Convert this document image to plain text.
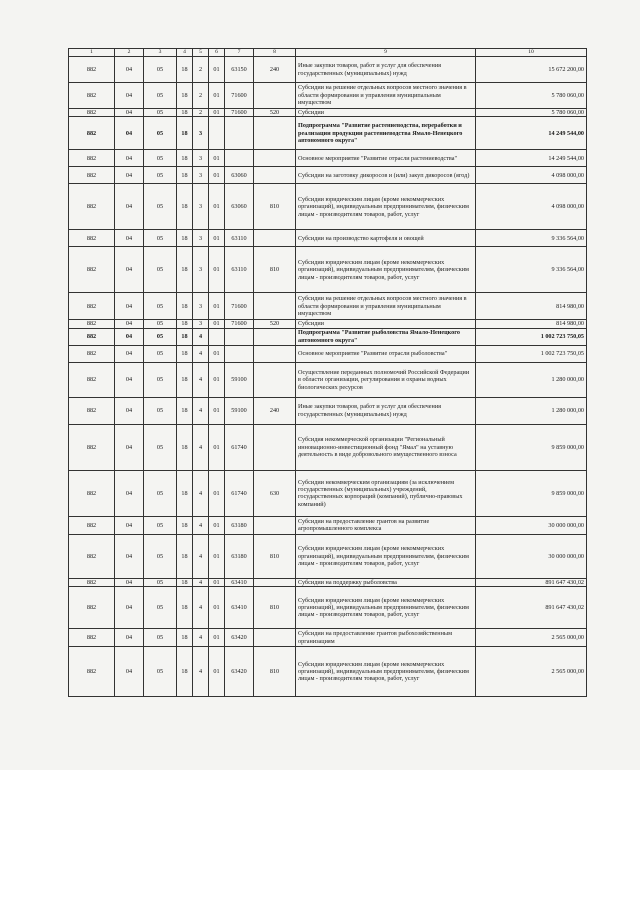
1	2	3	4	5	6	7	8	9	10
882	04	05	18	2	01	63150	240	Иные закупки товаров, работ и услуг для обеспечения государственных (муниципальных) нужд	15 672 200,00
882	04	05	18	2	01	71600		Субсидии на решение отдельных вопросов местного значения в области формирования и управления муниципальным имуществом	5 780 060,00
882	04	05	18	2	01	71600	520	Субсидии	5 780 060,00
882	04	05	18	3				Подпрограмма "Развитие растениеводства, переработки и реализации продукции растениеводства Ямало-Ненецкого автономного округа"	14 249 544,00
882	04	05	18	3	01			Основное мероприятие "Развитие отрасли растениеводства"	14 249 544,00
882	04	05	18	3	01	63060		Субсидии на заготовку дикоросов и (или) закуп дикоросов (ягод)	4 098 000,00
882	04	05	18	3	01	63060	810	Субсидии юридическим лицам (кроме некоммерческих организаций), индивидуальным предпринимателям, физическим лицам - производителям товаров, работ, услуг	4 098 000,00
882	04	05	18	3	01	63110		Субсидии на производство картофеля и овощей	9 336 564,00
882	04	05	18	3	01	63110	810	Субсидии юридическим лицам (кроме некоммерческих организаций), индивидуальным предпринимателям, физическим лицам - производителям товаров, работ, услуг	9 336 564,00
882	04	05	18	3	01	71600		Субсидии на решение отдельных вопросов местного значения в области формирования и управления муниципальным имуществом	814 980,00
882	04	05	18	3	01	71600	520	Субсидии	814 980,00
882	04	05	18	4				Подпрограмма "Развитие рыболовства Ямало-Ненецкого автономного округа"	1 002 723 750,05
882	04	05	18	4	01			Основное мероприятие "Развитие отрасли рыболовства"	1 002 723 750,05
882	04	05	18	4	01	59100		Осуществление переданных полномочий Российской Федерации в области организации, регулирования и охраны водных биологических ресурсов	1 280 000,00
882	04	05	18	4	01	59100	240	Иные закупки товаров, работ и услуг для обеспечения государственных (муниципальных) нужд	1 280 000,00
882	04	05	18	4	01	61740		Субсидия некоммерческой организации "Региональный инновационно-инвестиционный фонд "Ямал" на уставную деятельность в виде добровольного имущественного взноса	9 859 000,00
882	04	05	18	4	01	61740	630	Субсидии некоммерческим организациям (за исключением государственных (муниципальных) учреждений, государственных корпораций (компаний), публично-правовых компаний)	9 859 000,00
882	04	05	18	4	01	63180		Субсидии на предоставление грантов на развитие агропромышленного комплекса	30 000 000,00
882	04	05	18	4	01	63180	810	Субсидии юридическим лицам (кроме некоммерческих организаций), индивидуальным предпринимателям, физическим лицам - производителям товаров, работ, услуг	30 000 000,00
882	04	05	18	4	01	63410		Субсидии на поддержку рыболовства	891 647 430,02
882	04	05	18	4	01	63410	810	Субсидии юридическим лицам (кроме некоммерческих организаций), индивидуальным предпринимателям, физическим лицам - производителям товаров, работ, услуг	891 647 430,02
882	04	05	18	4	01	63420		Субсидии на предоставление грантов рыбохозяйственным организациям	2 565 000,00
882	04	05	18	4	01	63420	810	Субсидии юридическим лицам (кроме некоммерческих организаций), индивидуальным предпринимателям, физическим лицам - производителям товаров, работ, услуг	2 565 000,00
